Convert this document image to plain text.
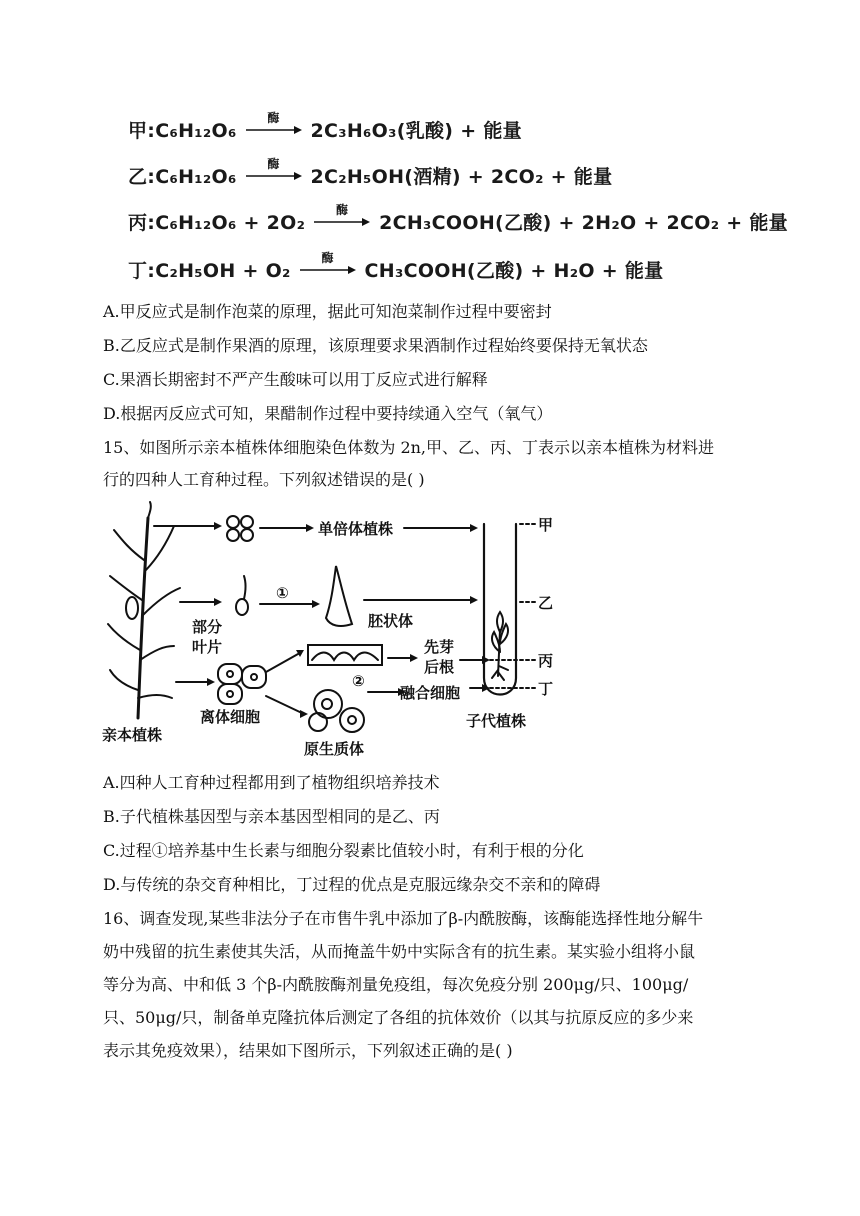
甲:C₆H₁₂O₆
酶
2C₃H₆O₃(乳酸) + 能量
乙:C₆H₁₂O₆
酶
2C₂H₅OH(酒精) + 2CO₂ + 能量
丙:C₆H₁₂O₆ + 2O₂
酶
2CH₃COOH(乙酸) + 2H₂O + 2CO₂ + 能量
丁:C₂H₅OH + O₂
酶
CH₃COOH(乙酸) + H₂O + 能量
A.甲反应式是制作泡菜的原理，据此可知泡菜制作过程中要密封
B.乙反应式是制作果酒的原理，该原理要求果酒制作过程始终要保持无氧状态
C.果酒长期密封不严产生酸味可以用丁反应式进行解释
D.根据丙反应式可知，果醋制作过程中要持续通入空气（氧气）
15、如图所示亲本植株体细胞染色体数为 2n,甲、乙、丙、丁表示以亲本植株为材料进
行的四种人工育种过程。下列叙述错误的是( )
单倍体植株
①
胚状体
部分
叶片	先芽
后根
②
融合细胞
离体细胞
亲本植株
子代植株
原生质体
甲
乙
丙
丁
A.四种人工育种过程都用到了植物组织培养技术
B.子代植株基因型与亲本基因型相同的是乙、丙
C.过程①培养基中生长素与细胞分裂素比值较小时，有利于根的分化
D.与传统的杂交育种相比，丁过程的优点是克服远缘杂交不亲和的障碍
16、调查发现,某些非法分子在市售牛乳中添加了β-内酰胺酶，该酶能选择性地分解牛
奶中残留的抗生素使其失活，从而掩盖牛奶中实际含有的抗生素。某实验小组将小鼠
等分为高、中和低 3 个β-内酰胺酶剂量免疫组，每次免疫分别 200μg/只、100μg/
只、50μg/只，制备单克隆抗体后测定了各组的抗体效价（以其与抗原反应的多少来
表示其免疫效果），结果如下图所示，下列叙述正确的是( )
